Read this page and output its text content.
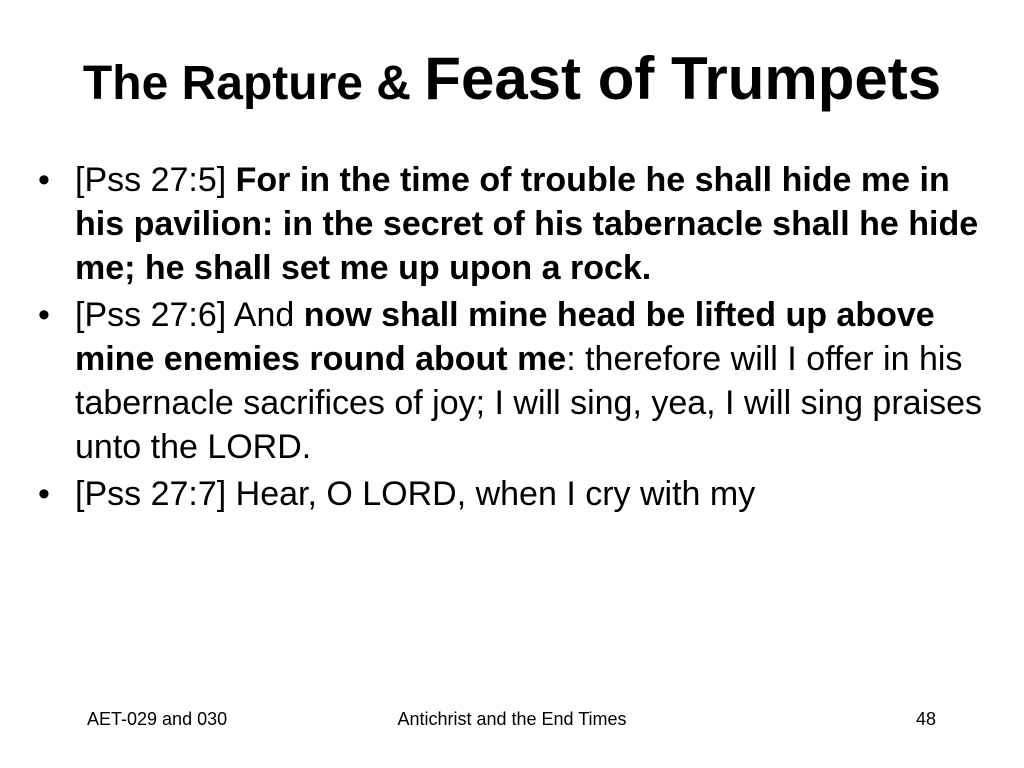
The Rapture & Feast of Trumpets
• [Pss 27:5] For in the time of trouble he shall hide me in his pavilion: in the secret of his tabernacle shall he hide me; he shall set me up upon a rock.
• [Pss 27:6] And now shall mine head be lifted up above mine enemies round about me: therefore will I offer in his tabernacle sacrifices of joy; I will sing, yea, I will sing praises unto the LORD.
• [Pss 27:7] Hear, O LORD, when I cry with my
AET-029 and 030	Antichrist and the End Times	48
